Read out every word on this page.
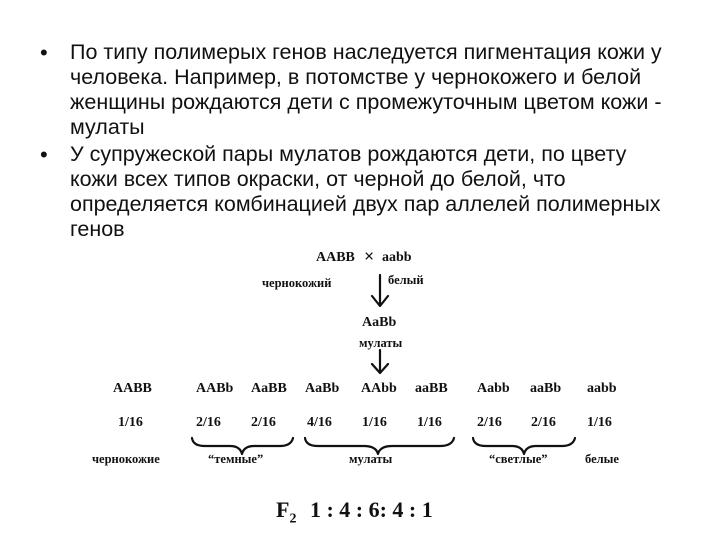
• По типу полимерых генов наследуется пигментация кожи у человека. Например, в потомстве у чернокожего и белой женщины рождаются дети с промежуточным цветом кожи - мулаты
• У супружеской пары мулатов рождаются дети, по цвету кожи всех типов окраски, от черной до белой, что определяется комбинацией двух пар аллелей полимерных генов
AABB × aabb
чернокожий	белый
AaBb
мулаты
AABB	AABb AaBB AaBb AAbb aaBB Aabb aaBb aabb
1/16	2/16 2/16 4/16 1/16 1/16	2/16 2/16 1/16
чернокожие	“темные”	мулаты	“светлые”	белые
$F_2$ 1 : 4 : 6: 4 : 1
